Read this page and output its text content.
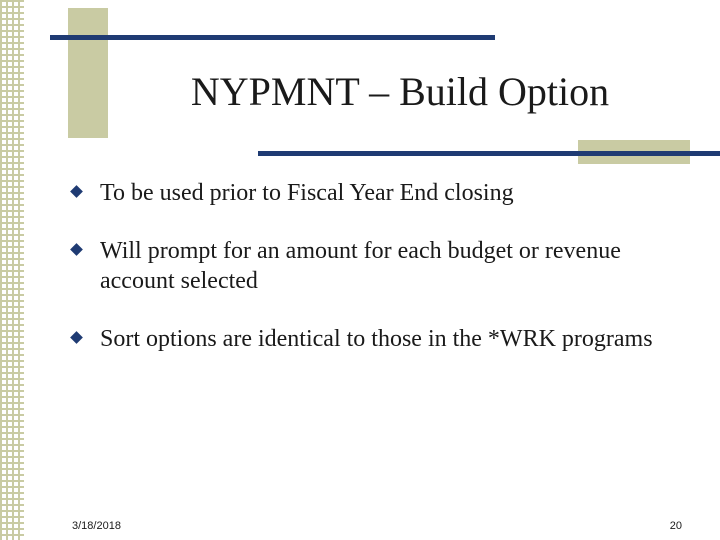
NYPMNT – Build Option
To be used prior to Fiscal Year End closing
Will prompt for an amount for each budget or revenue account selected
Sort options are identical to those in the *WRK programs
3/18/2018	20
